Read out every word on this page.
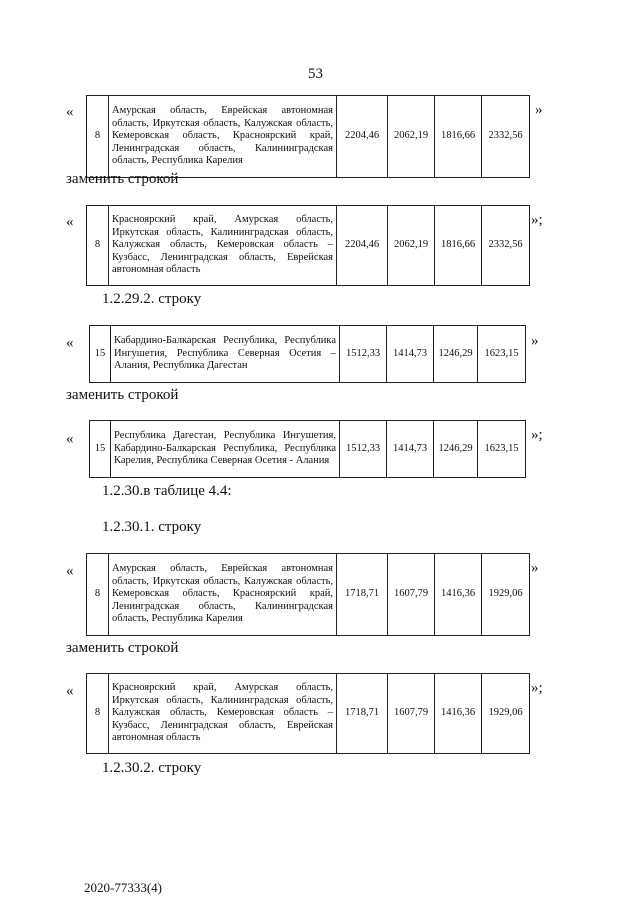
53
«
8	Амурская область, Еврейская автономная область, Иркутская область, Калужская область, Кемеровская область, Красноярский край, Ленинградская область, Калининградская область, Республика Карелия	2204,46	2062,19	1816,66	2332,56
»
заменить строкой
«
8	Красноярский край, Амурская область, Иркутская область, Калининградская область, Калужская область, Кемеровская область – Кузбасс, Ленинградская область, Еврейская автономная область	2204,46	2062,19	1816,66	2332,56
»;
1.2.29.2. строку
«
15	Кабардино-Балкарская Республика, Республика Ингушетия, Республика Северная Осетия – Алания, Республика Дагестан	1512,33	1414,73	1246,29	1623,15
»
заменить строкой
«
15	Республика Дагестан, Республика Ингушетия, Кабардино-Балкарская Республика, Республика Карелия, Республика Северная Осетия - Алания	1512,33	1414,73	1246,29	1623,15
»;
1.2.30.в таблице 4.4:
1.2.30.1. строку
«
8	Амурская область, Еврейская автономная область, Иркутская область, Калужская область, Кемеровская область, Красноярский край, Ленинградская область, Калининградская область, Республика Карелия	1718,71	1607,79	1416,36	1929,06
»
заменить строкой
«
8	Красноярский край, Амурская область, Иркутская область, Калининградская область, Калужская область, Кемеровская область – Кузбасс, Ленинградская область, Еврейская автономная область	1718,71	1607,79	1416,36	1929,06
»;
1.2.30.2. строку
2020-77333(4)
